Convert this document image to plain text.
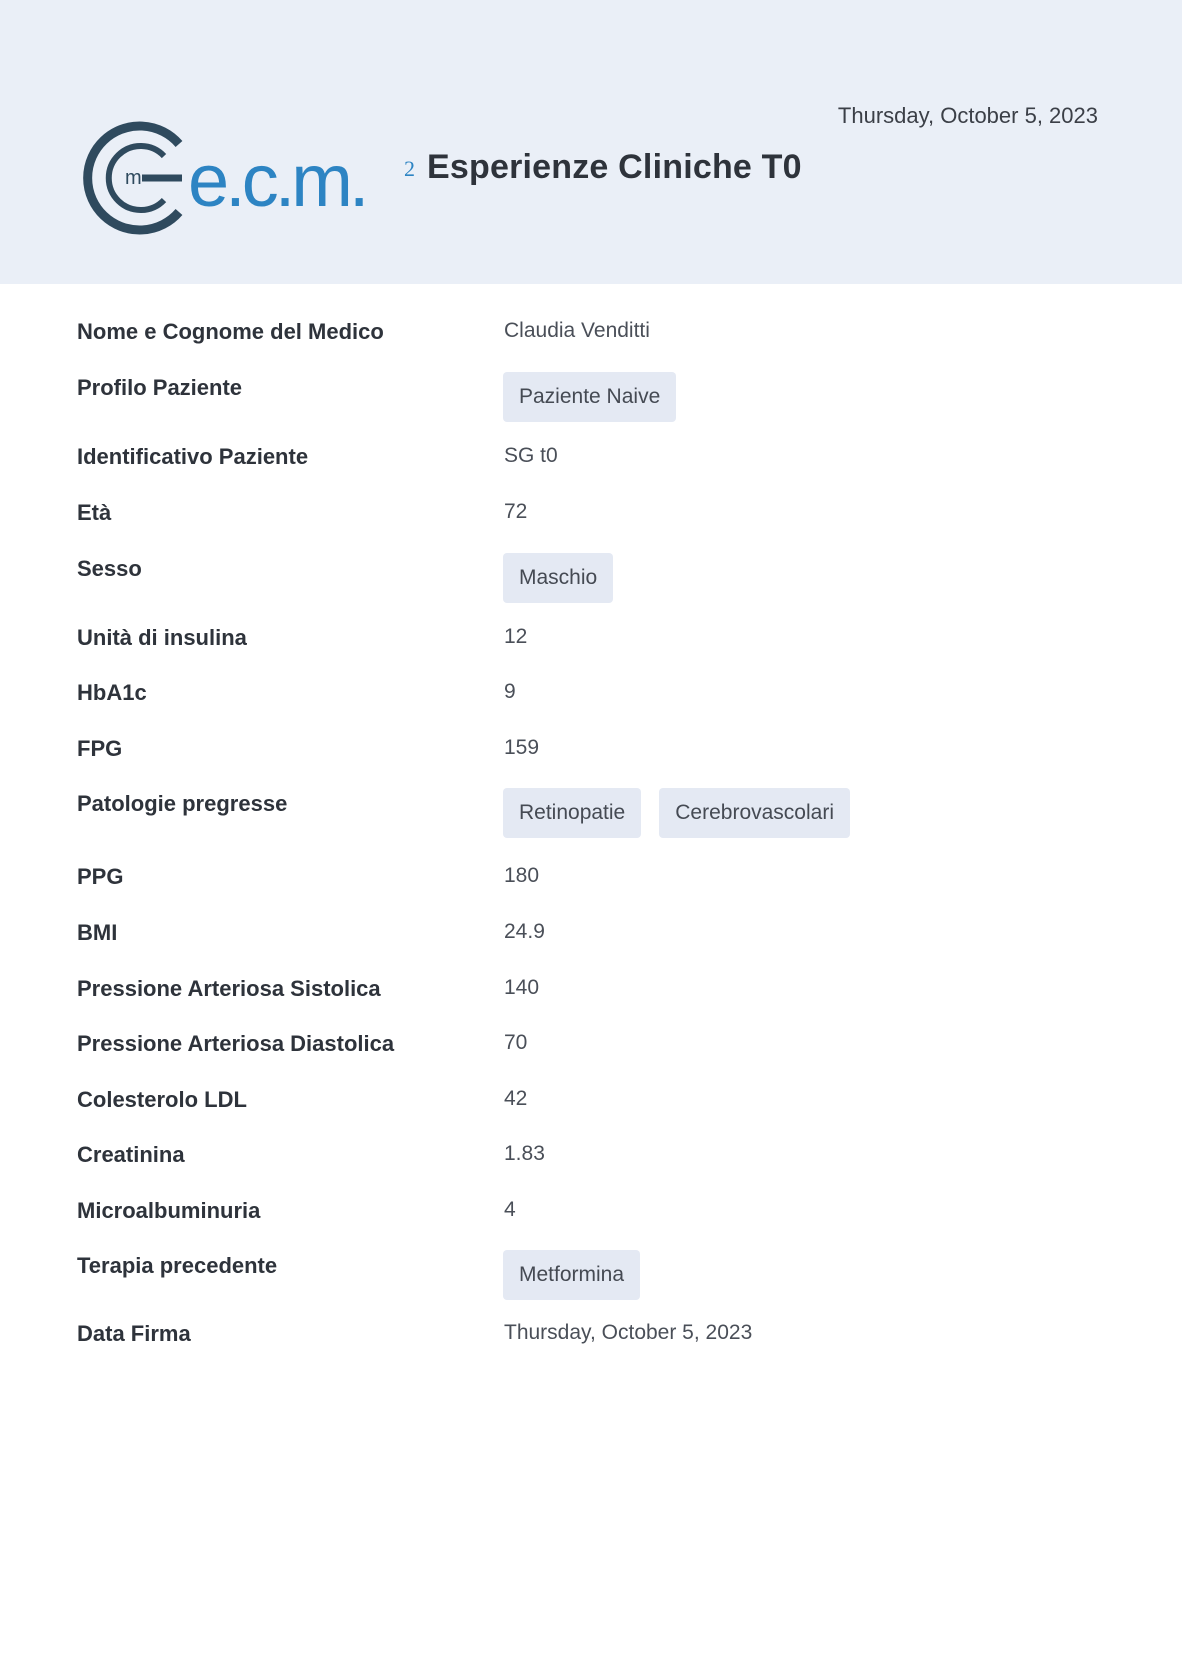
Thursday, October 5, 2023
m e.c.m. 2 Esperienze Cliniche T0
Nome e Cognome del Medico	Claudia Venditti
Profilo Paziente	Paziente Naive
Identificativo Paziente	SG t0
Età	72
Sesso	Maschio
Unità di insulina	12
HbA1c	9
FPG	159
Patologie pregresse	Retinopatie	Cerebrovascolari
PPG	180
BMI	24.9
Pressione Arteriosa Sistolica	140
Pressione Arteriosa Diastolica	70
Colesterolo LDL	42
Creatinina	1.83
Microalbuminuria	4
Terapia precedente	Metformina
Data Firma	Thursday, October 5, 2023
